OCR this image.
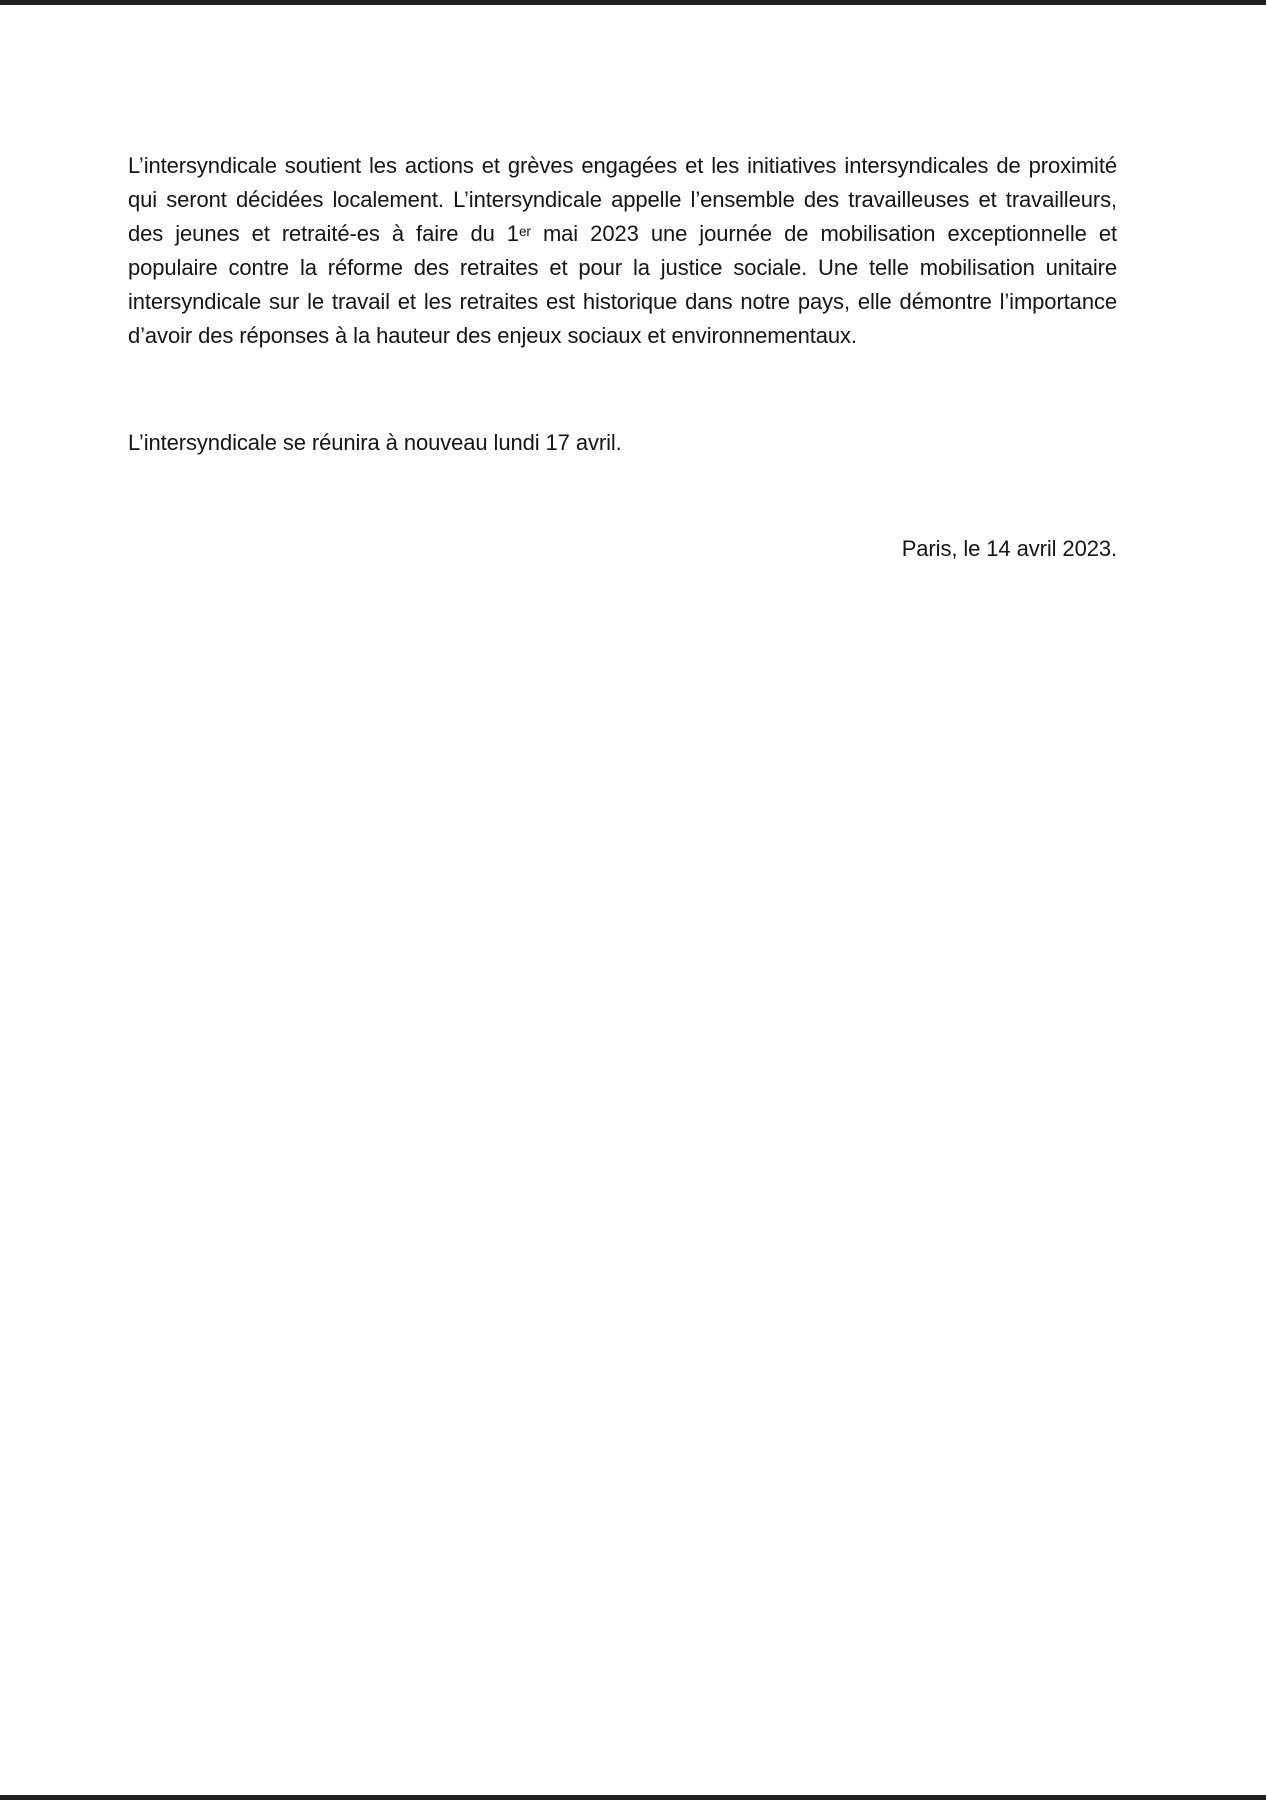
L’intersyndicale soutient les actions et grèves engagées et les initiatives intersyndicales de proximité
qui seront décidées localement. L’intersyndicale appelle l’ensemble des travailleuses et travailleurs,
des jeunes et retraité-es à faire du 1er mai 2023 une journée de mobilisation exceptionnelle et
populaire contre la réforme des retraites et pour la justice sociale. Une telle mobilisation unitaire
intersyndicale sur le travail et les retraites est historique dans notre pays, elle démontre l’importance
d’avoir des réponses à la hauteur des enjeux sociaux et environnementaux.
L’intersyndicale se réunira à nouveau lundi 17 avril.
Paris, le 14 avril 2023.
